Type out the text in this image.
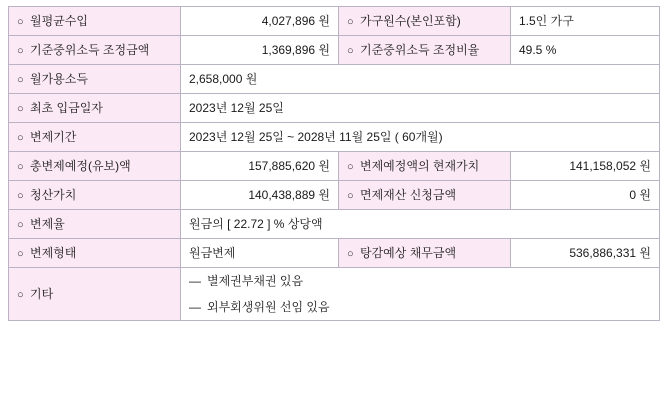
○ 월평균수입	4,027,896 원	○ 가구원수(본인포함)	1.5인 가구
○ 기준중위소득 조정금액	1,369,896 원	○ 기준중위소득 조정비율	49.5 %
○ 월가용소득	2,658,000 원		
○ 최초 입금일자	2023년 12월 25일		
○ 변제기간	2023년 12월 25일 ~ 2028년 11월 25일 ( 60개월)		
○ 총변제예정(유보)액	157,885,620 원	○ 변제예정액의 현재가치	141,158,052 원
○ 청산가치	140,438,889 원	○ 면제재산 신청금액	0 원
○ 변제율	원금의 [ 22.72 ] % 상당액		
○ 변제형태	원금변제	○ 탕감예상 채무금액	536,886,331 원
○ 기타	— 별제권부채권 있음
— 외부회생위원 선임 있음		
